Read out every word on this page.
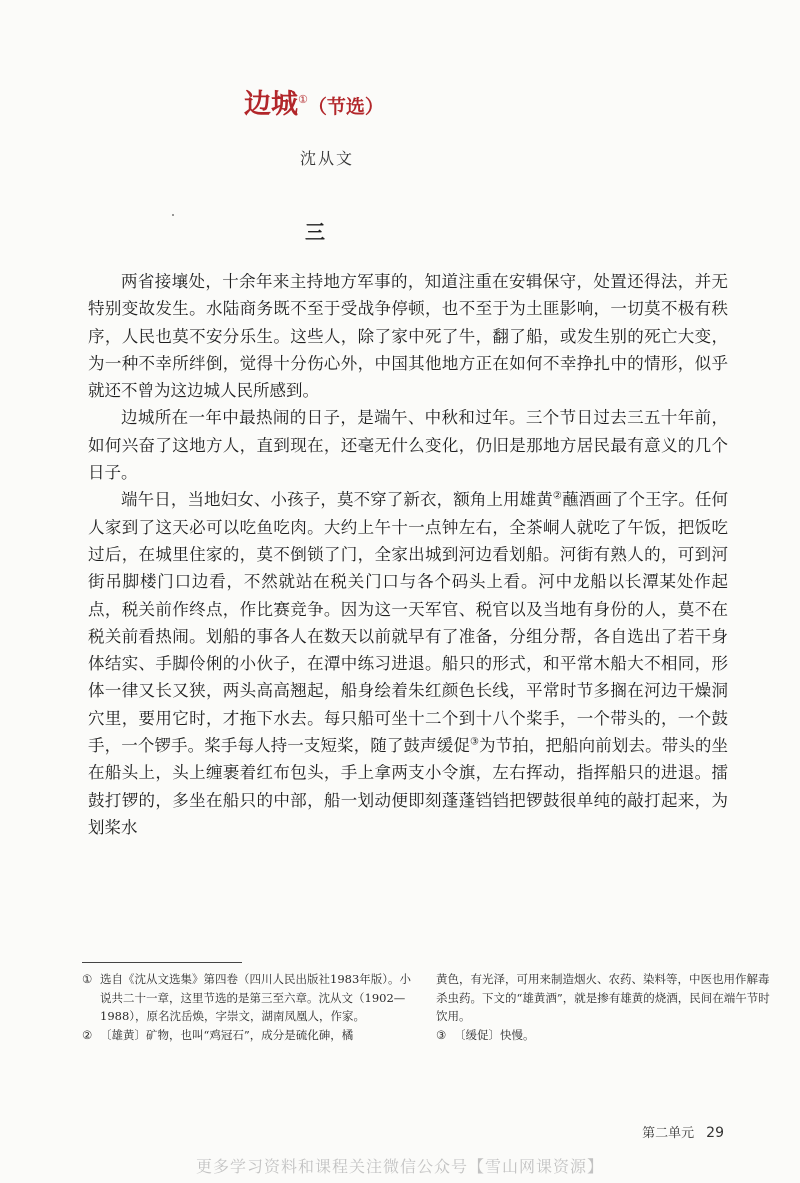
边城①（节选）
沈从文
三

两省接壤处，十余年来主持地方军事的，知道注重在安辑保守，处置还得法，并无特别变故发生。水陆商务既不至于受战争停顿，也不至于为土匪影响，一切莫不极有秩序，人民也莫不安分乐生。这些人，除了家中死了牛，翻了船，或发生别的死亡大变，为一种不幸所绊倒，觉得十分伤心外，中国其他地方正在如何不幸挣扎中的情形，似乎就还不曾为这边城人民所感到。

边城所在一年中最热闹的日子，是端午、中秋和过年。三个节日过去三五十年前，如何兴奋了这地方人，直到现在，还毫无什么变化，仍旧是那地方居民最有意义的几个日子。

端午日，当地妇女、小孩子，莫不穿了新衣，额角上用雄黄②蘸酒画了个王字。任何人家到了这天必可以吃鱼吃肉。大约上午十一点钟左右，全茶峒人就吃了午饭，把饭吃过后，在城里住家的，莫不倒锁了门，全家出城到河边看划船。河街有熟人的，可到河街吊脚楼门口边看，不然就站在税关门口与各个码头上看。河中龙船以长潭某处作起点，税关前作终点，作比赛竞争。因为这一天军官、税官以及当地有身份的人，莫不在税关前看热闹。划船的事各人在数天以前就早有了准备，分组分帮，各自选出了若干身体结实、手脚伶俐的小伙子，在潭中练习进退。船只的形式，和平常木船大不相同，形体一律又长又狭，两头高高翘起，船身绘着朱红颜色长线，平常时节多搁在河边干燥洞穴里，要用它时，才拖下水去。每只船可坐十二个到十八个桨手，一个带头的，一个鼓手，一个锣手。桨手每人持一支短桨，随了鼓声缓促③为节拍，把船向前划去。带头的坐在船头上，头上缠裹着红布包头，手上拿两支小令旗，左右挥动，指挥船只的进退。擂鼓打锣的，多坐在船只的中部，船一划动便即刻蓬蓬铛铛把锣鼓很单纯的敲打起来，为划桨水

① 选自《沈从文选集》第四卷（四川人民出版社1983年版）。小说共二十一章，这里节选的是第三至六章。沈从文（1902—1988），原名沈岳焕，字崇文，湖南凤凰人，作家。
② 〔雄黄〕矿物，也叫“鸡冠石”，成分是硫化砷，橘
黄色，有光泽，可用来制造烟火、农药、染料等，中医也用作解毒杀虫药。下文的“雄黄酒”，就是掺有雄黄的烧酒，民间在端午节时饮用。
③ 〔缓促〕快慢。
第二单元 29
更多学习资料和课程关注微信公众号【雪山网课资源】
